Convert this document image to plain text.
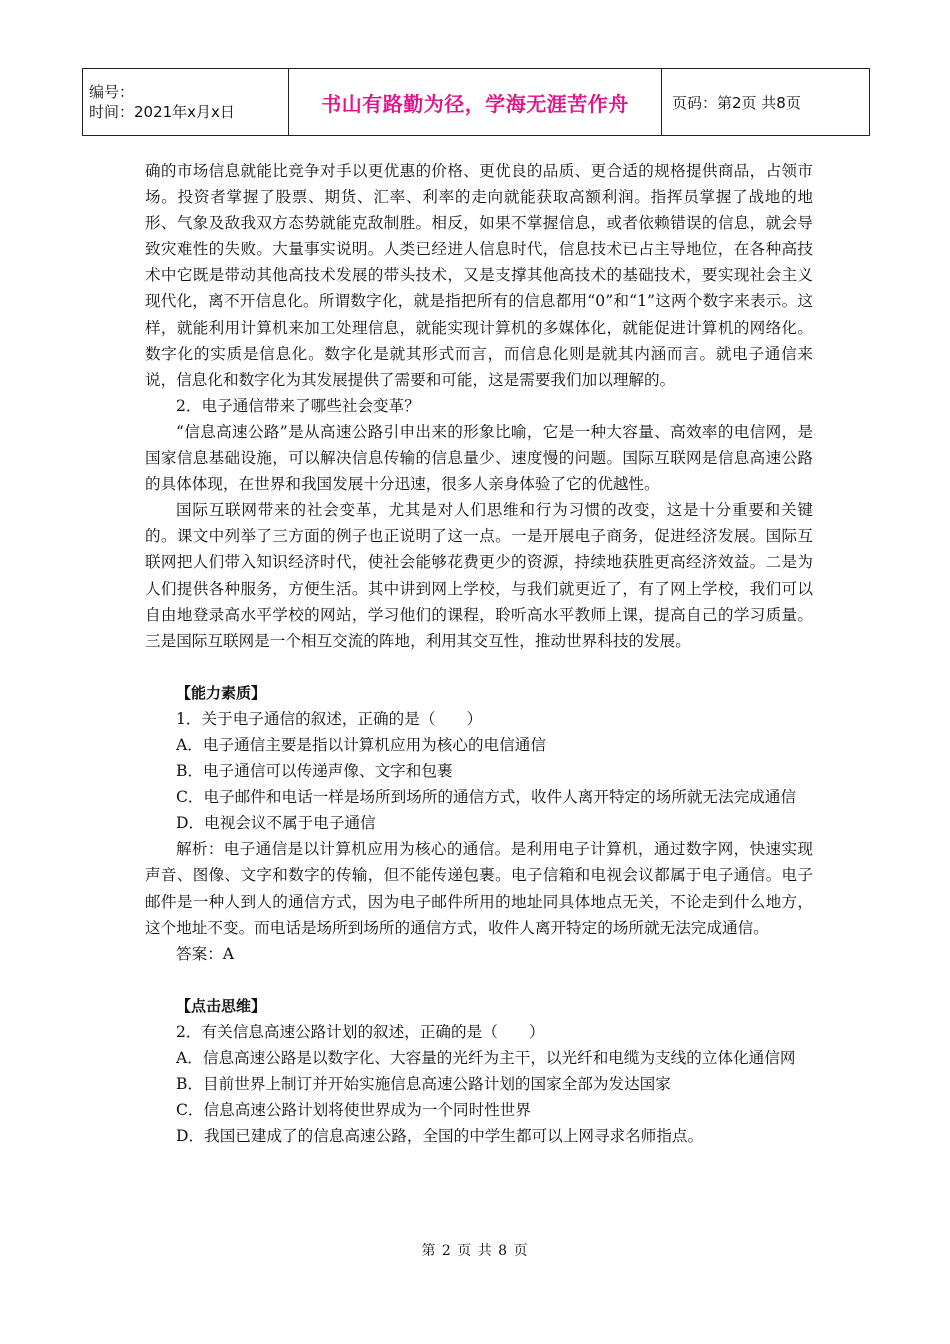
编号：
时间：2021年x月x日	书山有路勤为径，学海无涯苦作舟	页码：第2页 共8页

确的市场信息就能比竞争对手以更优惠的价格、更优良的品质、更合适的规格提供商品，占领市场。投资者掌握了股票、期货、汇率、利率的走向就能获取高额利润。指挥员掌握了战地的地形、气象及敌我双方态势就能克敌制胜。相反，如果不掌握信息，或者依赖错误的信息，就会导致灾难性的失败。大量事实说明。人类已经进人信息时代，信息技术已占主导地位，在各种高技术中它既是带动其他高技术发展的带头技术，又是支撑其他高技术的基础技术，要实现社会主义现代化，离不开信息化。所谓数字化，就是指把所有的信息都用“0”和“1”这两个数字来表示。这样，就能利用计算机来加工处理信息，就能实现计算机的多媒体化，就能促进计算机的网络化。数字化的实质是信息化。数字化是就其形式而言，而信息化则是就其内涵而言。就电子通信来说，信息化和数字化为其发展提供了需要和可能，这是需要我们加以理解的。

2．电子通信带来了哪些社会变革？

“信息高速公路”是从高速公路引申出来的形象比喻，它是一种大容量、高效率的电信网，是国家信息基础设施，可以解决信息传输的信息量少、速度慢的问题。国际互联网是信息高速公路的具体体现，在世界和我国发展十分迅速，很多人亲身体验了它的优越性。

国际互联网带来的社会变革，尤其是对人们思维和行为习惯的改变，这是十分重要和关键的。课文中列举了三方面的例子也正说明了这一点。一是开展电子商务，促进经济发展。国际互联网把人们带入知识经济时代，使社会能够花费更少的资源，持续地获胜更高经济效益。二是为人们提供各种服务，方便生活。其中讲到网上学校，与我们就更近了，有了网上学校，我们可以自由地登录高水平学校的网站，学习他们的课程，聆听高水平教师上课，提高自己的学习质量。三是国际互联网是一个相互交流的阵地，利用其交互性，推动世界科技的发展。

【能力素质】

1．关于电子通信的叙述，正确的是（　　）

A．电子通信主要是指以计算机应用为核心的电信通信

B．电子通信可以传递声像、文字和包裹

C．电子邮件和电话一样是场所到场所的通信方式，收件人离开特定的场所就无法完成通信

D．电视会议不属于电子通信

解析：电子通信是以计算机应用为核心的通信。是利用电子计算机，通过数字网，快速实现声音、图像、文字和数字的传输，但不能传递包裹。电子信箱和电视会议都属于电子通信。电子邮件是一种人到人的通信方式，因为电子邮件所用的地址同具体地点无关，不论走到什么地方，这个地址不变。而电话是场所到场所的通信方式，收件人离开特定的场所就无法完成通信。

答案：A

【点击思维】

2．有关信息高速公路计划的叙述，正确的是（　　）

A．信息高速公路是以数字化、大容量的光纤为主干，以光纤和电缆为支线的立体化通信网

B．目前世界上制订并开始实施信息高速公路计划的国家全部为发达国家

C．信息高速公路计划将使世界成为一个同时性世界

D．我国已建成了的信息高速公路，全国的中学生都可以上网寻求名师指点。

第 2 页 共 8 页
